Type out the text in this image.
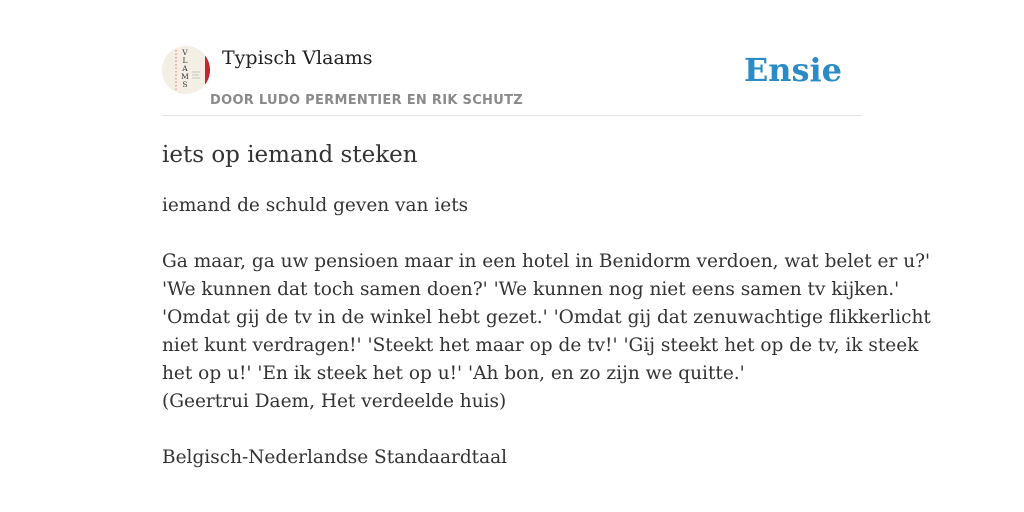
V L A M S
Typisch Vlaams
DOOR LUDO PERMENTIER EN RIK SCHUTZ
Ensie
iets op iemand steken

iemand de schuld geven van iets

Ga maar, ga uw pensioen maar in een hotel in Benidorm verdoen, wat belet er u?'
'We kunnen dat toch samen doen?' 'We kunnen nog niet eens samen tv kijken.'
'Omdat gij de tv in de winkel hebt gezet.' 'Omdat gij dat zenuwachtige flikkerlicht
niet kunt verdragen!' 'Steekt het maar op de tv!' 'Gij steekt het op de tv, ik steek
het op u!' 'En ik steek het op u!' 'Ah bon, en zo zijn we quitte.'
(Geertrui Daem, Het verdeelde huis)

Belgisch-Nederlandse Standaardtaal
